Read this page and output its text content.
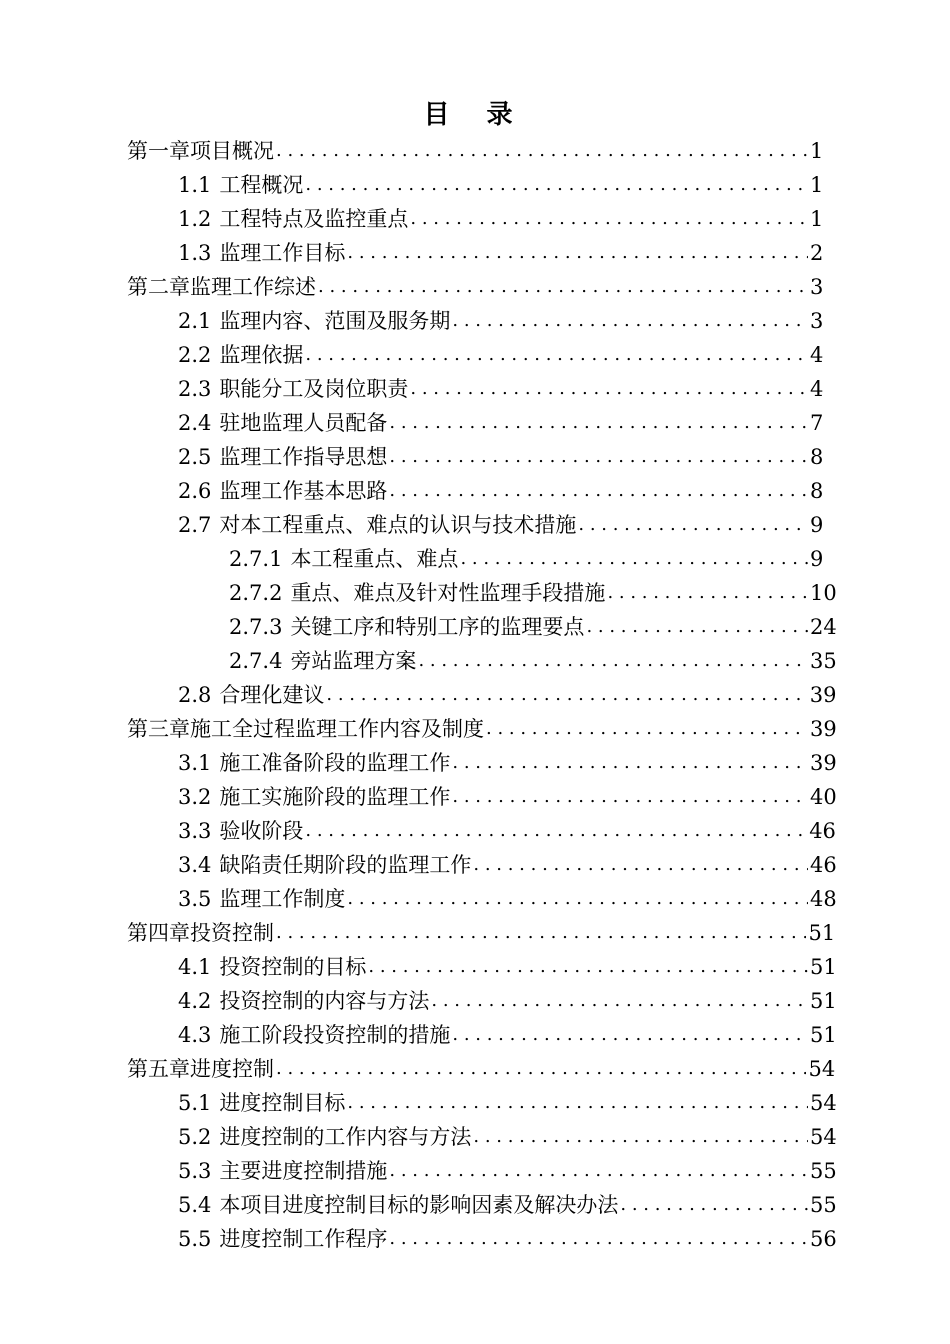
目 录
第一章 项目概况 . . .	1
1.1 工程概况 . . .	1
1.2 工程特点及监控重点 . . .	1
1.3 监理工作目标 . . .	2
第二章 监理工作综述 . . .	3
2.1 监理内容、范围及服务期 . . .	3
2.2 监理依据 . . .	4
2.3 职能分工及岗位职责 . . .	4
2.4 驻地监理人员配备 . . .	7
2.5 监理工作指导思想 . . .	8
2.6 监理工作基本思路 . . .	8
2.7 对本工程重点、难点的认识与技术措施 . . .	9
2.7.1 本工程重点、难点 . . .	9
2.7.2 重点、难点及针对性监理手段措施 . . .	10
2.7.3 关键工序和特别工序的监理要点 . . .	24
2.7.4 旁站监理方案 . . .	35
2.8 合理化建议 . . .	39
第三章 施工全过程监理工作内容及制度 . . .	39
3.1 施工准备阶段的监理工作 . . .	39
3.2 施工实施阶段的监理工作 . . .	40
3.3 验收阶段 . . .	46
3.4 缺陷责任期阶段的监理工作 . . .	46
3.5 监理工作制度 . . .	48
第四章 投资控制 . . .	51
4.1 投资控制的目标 . . .	51
4.2 投资控制的内容与方法 . . .	51
4.3 施工阶段投资控制的措施 . . .	51
第五章 进度控制 . . .	54
5.1 进度控制目标 . . .	54
5.2 进度控制的工作内容与方法 . . .	54
5.3 主要进度控制措施 . . .	55
5.4 本项目进度控制目标的影响因素及解决办法 . . .	55
5.5 进度控制工作程序 . . .	56
